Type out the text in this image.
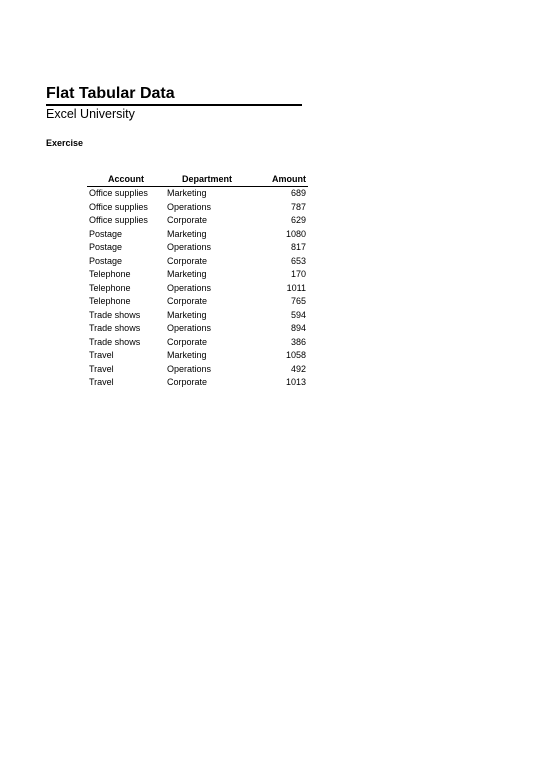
Flat Tabular Data
Excel University
Exercise
Account	Department	Amount
Office supplies	Marketing	689
Office supplies	Operations	787
Office supplies	Corporate	629
Postage	Marketing	1080
Postage	Operations	817
Postage	Corporate	653
Telephone	Marketing	170
Telephone	Operations	1011
Telephone	Corporate	765
Trade shows	Marketing	594
Trade shows	Operations	894
Trade shows	Corporate	386
Travel	Marketing	1058
Travel	Operations	492
Travel	Corporate	1013
